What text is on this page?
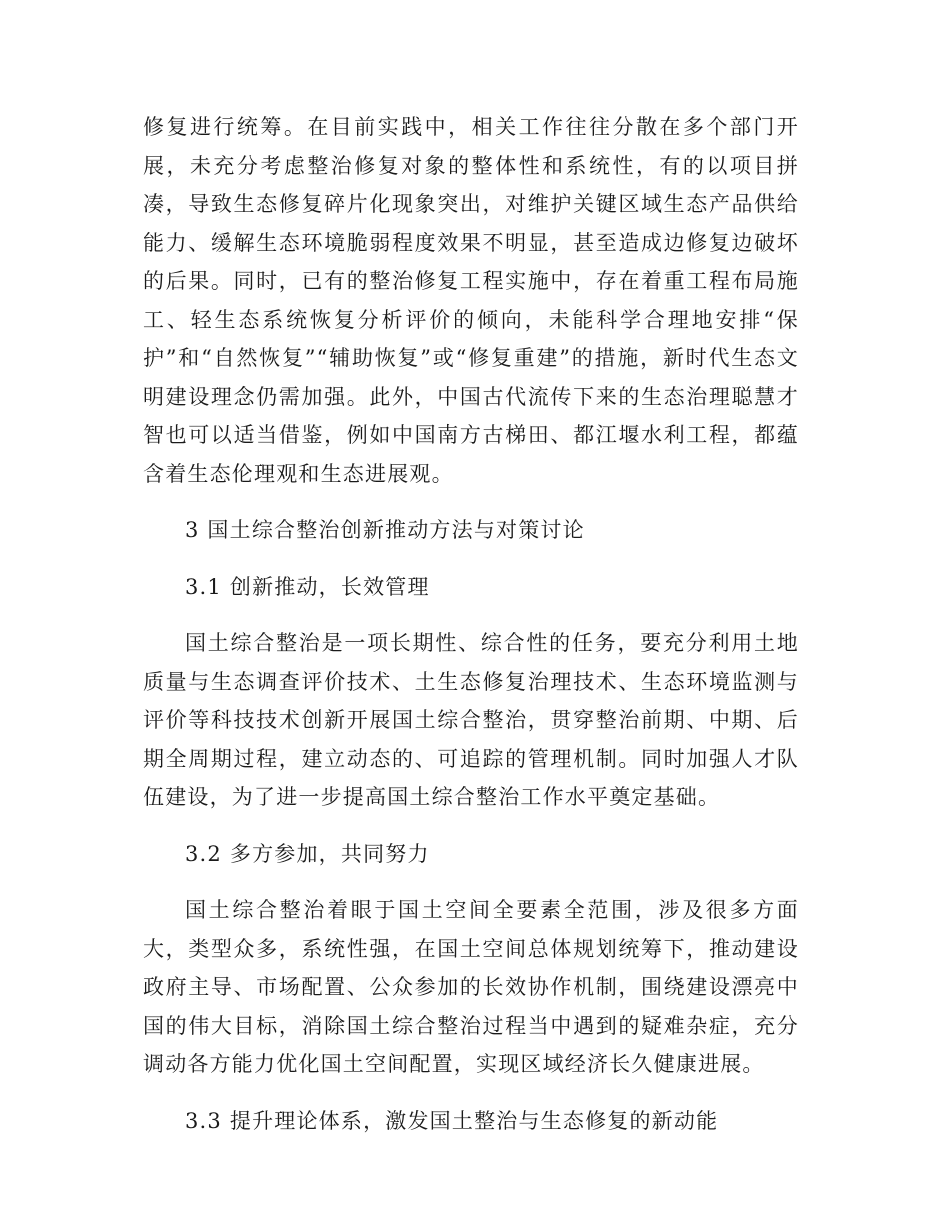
修复进行统筹。在目前实践中，相关工作往往分散在多个部门开展，未充分考虑整治修复对象的整体性和系统性，有的以项目拼凑，导致生态修复碎片化现象突出，对维护关键区域生态产品供给能力、缓解生态环境脆弱程度效果不明显，甚至造成边修复边破坏的后果。同时，已有的整治修复工程实施中，存在着重工程布局施工、轻生态系统恢复分析评价的倾向，未能科学合理地安排“保护”和“自然恢复”“辅助恢复”或“修复重建”的措施，新时代生态文明建设理念仍需加强。此外，中国古代流传下来的生态治理聪慧才智也可以适当借鉴，例如中国南方古梯田、都江堰水利工程，都蕴含着生态伦理观和生态进展观。

3 国土综合整治创新推动方法与对策讨论

3.1 创新推动，长效管理

国土综合整治是一项长期性、综合性的任务，要充分利用土地质量与生态调查评价技术、土生态修复治理技术、生态环境监测与评价等科技技术创新开展国土综合整治，贯穿整治前期、中期、后期全周期过程，建立动态的、可追踪的管理机制。同时加强人才队伍建设，为了进一步提高国土综合整治工作水平奠定基础。

3.2 多方参加，共同努力

国土综合整治着眼于国土空间全要素全范围，涉及很多方面大，类型众多，系统性强，在国土空间总体规划统筹下，推动建设政府主导、市场配置、公众参加的长效协作机制，围绕建设漂亮中国的伟大目标，消除国土综合整治过程当中遇到的疑难杂症，充分调动各方能力优化国土空间配置，实现区域经济长久健康进展。

3.3 提升理论体系，激发国土整治与生态修复的新动能
